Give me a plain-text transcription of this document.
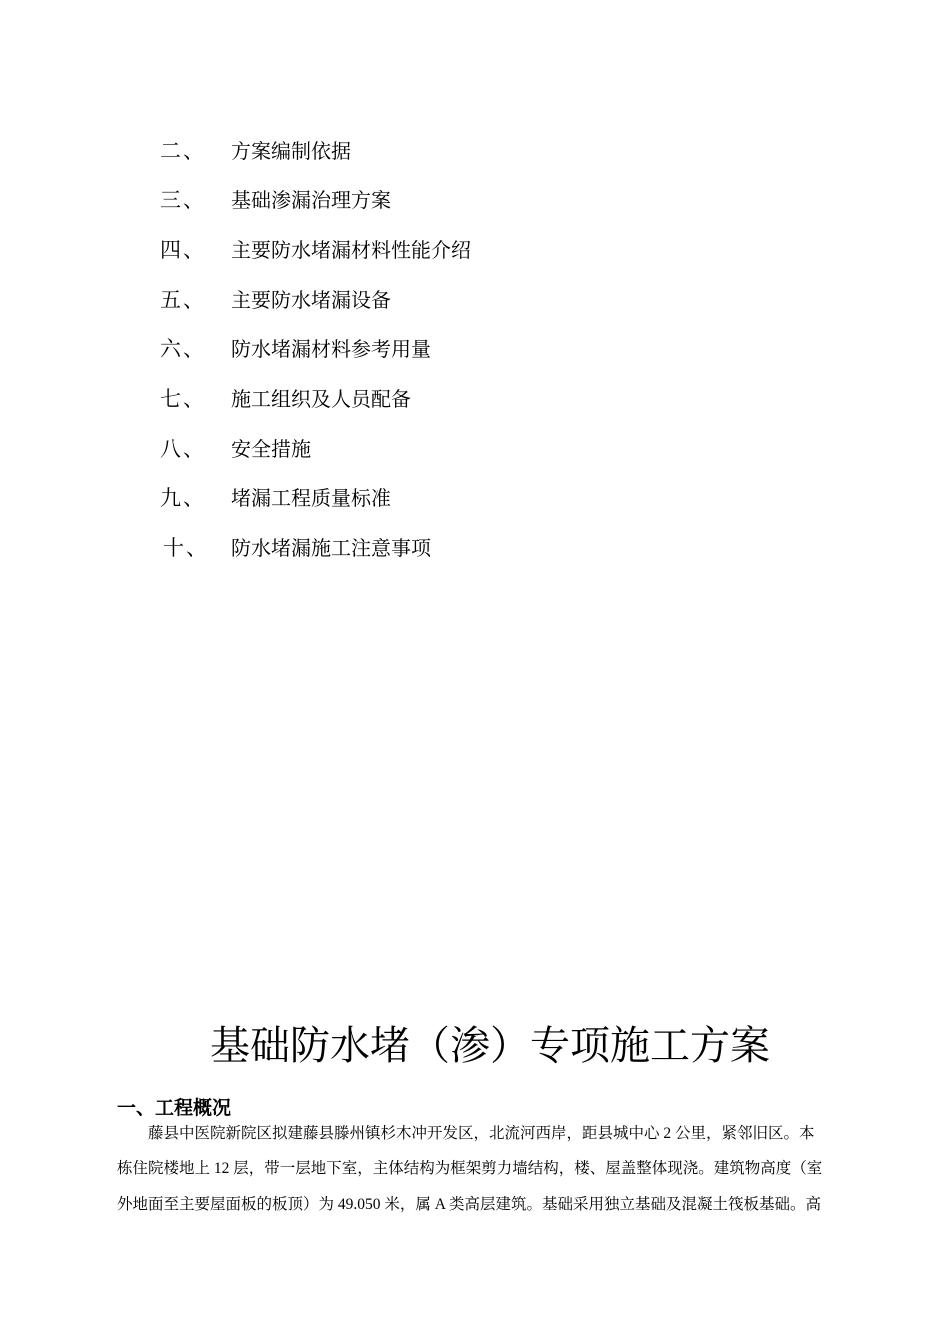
二、 方案编制依据
三、 基础渗漏治理方案
四、 主要防水堵漏材料性能介绍
五、 主要防水堵漏设备
六、 防水堵漏材料参考用量
七、 施工组织及人员配备
八、 安全措施
九、 堵漏工程质量标准
十、 防水堵漏施工注意事项
基础防水堵（渗）专项施工方案
一、工程概况
藤县中医院新院区拟建藤县滕州镇杉木冲开发区，北流河西岸，距县城中心 2 公里，紧邻旧区。本
栋住院楼地上 12 层，带一层地下室，主体结构为框架剪力墙结构，楼、屋盖整体现浇。建筑物高度（室
外地面至主要屋面板的板顶）为 49.050 米，属 A 类高层建筑。基础采用独立基础及混凝土筏板基础。高
